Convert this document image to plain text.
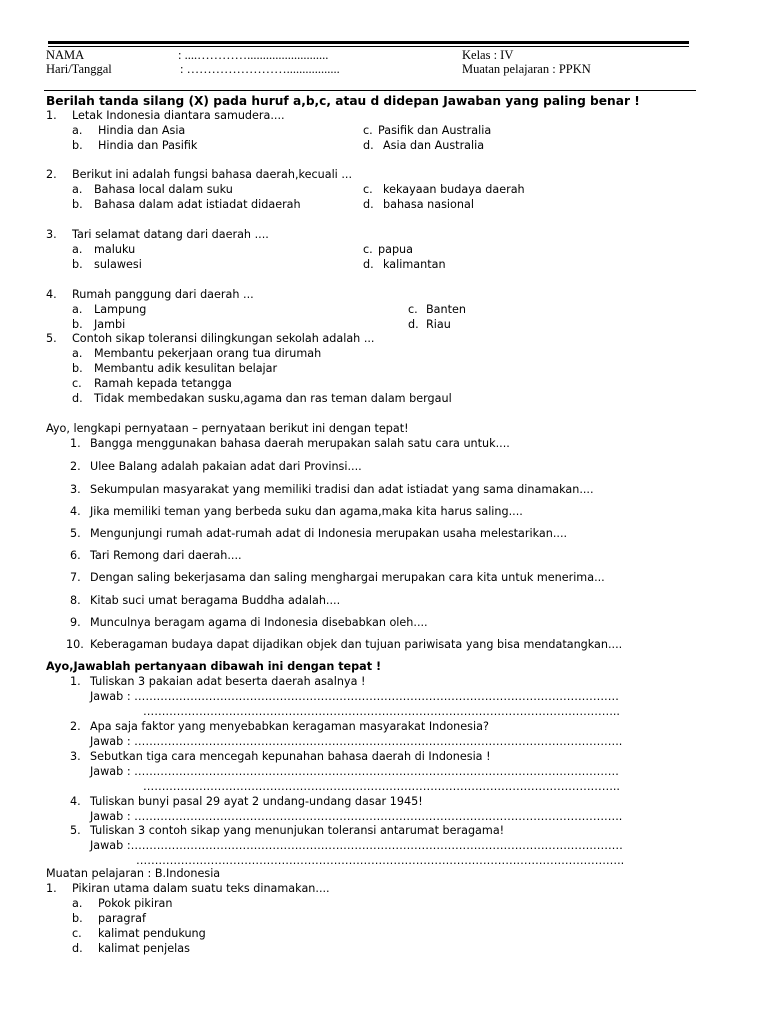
NAMA	: ....…………..........................
Hari/Tanggal	: …………………….................
Kelas : IV
Muatan pelajaran : PPKN
Berilah tanda silang (X) pada huruf a,b,c, atau d didepan Jawaban yang paling benar !
1. Letak Indonesia diantara samudera....
a. Hindia dan Asia
b. Hindia dan Pasifik
c. Pasifik dan Australia
d. Asia dan Australia
2. Berikut ini adalah fungsi bahasa daerah,kecuali ...
a. Bahasa local dalam suku
b. Bahasa dalam adat istiadat didaerah
c. kekayaan budaya daerah
d. bahasa nasional
3. Tari selamat datang dari daerah ....
a. maluku
b. sulawesi
c. papua
d. kalimantan
4. Rumah panggung dari daerah ...
a. Lampung
b. Jambi
c. Banten
d. Riau
5. Contoh sikap toleransi dilingkungan sekolah adalah ...
a. Membantu pekerjaan orang tua dirumah
b. Membantu adik kesulitan belajar
c. Ramah kepada tetangga
d. Tidak membedakan susku,agama dan ras teman dalam bergaul
Ayo, lengkapi pernyataan – pernyataan berikut ini dengan tepat!
1. Bangga menggunakan bahasa daerah merupakan salah satu cara untuk....
2. Ulee Balang adalah pakaian adat dari Provinsi....
3. Sekumpulan masyarakat yang memiliki tradisi dan adat istiadat yang sama dinamakan....
4. Jika memiliki teman yang berbeda suku dan agama,maka kita harus saling....
5. Mengunjungi rumah adat-rumah adat di Indonesia merupakan usaha melestarikan....
6. Tari Remong dari daerah....
7. Dengan saling bekerjasama dan saling menghargai merupakan cara kita untuk menerima...
8. Kitab suci umat beragama Buddha adalah....
9. Munculnya beragam agama di Indonesia disebabkan oleh....
10. Keberagaman budaya dapat dijadikan objek dan tujuan pariwisata yang bisa mendatangkan....
Ayo,Jawablah pertanyaan dibawah ini dengan tepat !
1. Tuliskan 3 pakaian adat beserta daerah asalnya !
Jawab : ………………………………………………………………………………………………………………….
………………………………………………………………………………………………………………..
2. Apa saja faktor yang menyebabkan keragaman masyarakat Indonesia?
Jawab : …………………………………………………………………………………………………………………..
3. Sebutkan tiga cara mencegah kepunahan bahasa daerah di Indonesia !
Jawab : ………………………………………………………………………………………………………………….
………………………………………………………………………………………………………………..
4. Tuliskan bunyi pasal 29 ayat 2 undang-undang dasar 1945!
Jawab : …………………………………………………………………………………………………………………..
5. Tuliskan 3 contoh sikap yang menunjukan toleransi antarumat beragama!
Jawab :……………………………………………………………………………………………………………………
…………………………………………………………………………………………………………………..
Muatan pelajaran : B.Indonesia
1. Pikiran utama dalam suatu teks dinamakan....
a. Pokok pikiran
b. paragraf
c. kalimat pendukung
d. kalimat penjelas
